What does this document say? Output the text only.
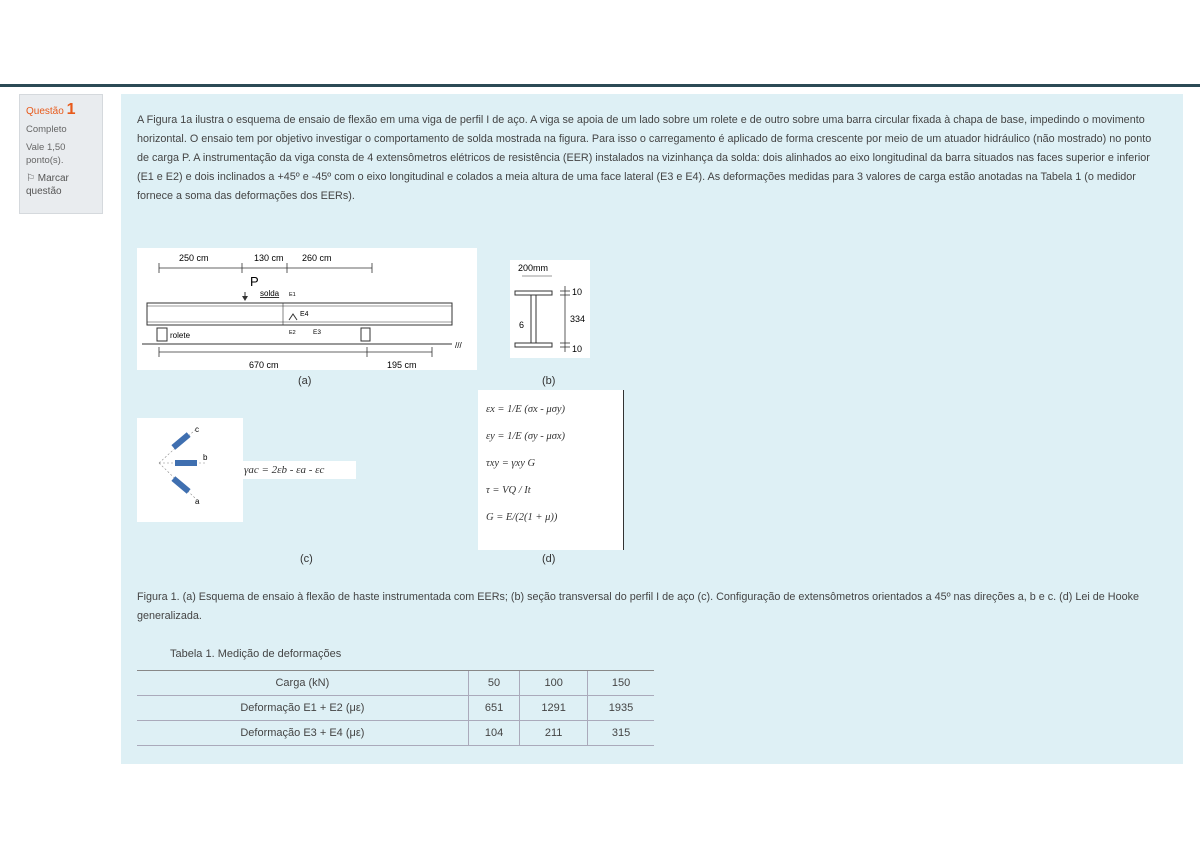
Questão 1
Completo
Vale 1,50 ponto(s).
⚐ Marcar questão

A Figura 1a ilustra o esquema de ensaio de flexão em uma viga de perfil I de aço. A viga se apoia de um lado sobre um rolete e de outro sobre uma barra circular fixada à chapa de base, impedindo o movimento horizontal. O ensaio tem por objetivo investigar o comportamento de solda mostrada na figura. Para isso o carregamento é aplicado de forma crescente por meio de um atuador hidráulico (não mostrado) no ponto de carga P. A instrumentação da viga consta de 4 extensômetros elétricos de resistência (EER) instalados na vizinhança da solda: dois alinhados ao eixo longitudinal da barra situados nas faces superior e inferior (E1 e E2) e dois inclinados a +45º e -45º com o eixo longitudinal e colados a meia altura de uma face lateral (E3 e E4). As deformações medidas para 3 valores de carga estão anotadas na Tabela 1 (o medidor fornece a soma das deformações dos EERs).

250 cm	130 cm 260 cm
P
solda E1
E4
E2	E3
rolete
///
670 cm	195 cm
(a)
200mm
10
334
6
10
(b)
c
b
a
γac = 2εb - εa - εc
(c)
εx = 1/E (σx - μσy)
εy = 1/E (σy - μσx)
τxy = γxy G
τ = VQ / It
G = E/(2(1 + μ))
(d)

Figura 1. (a) Esquema de ensaio à flexão de haste instrumentada com EERs; (b) seção transversal do perfil I de aço (c). Configuração de extensômetros orientados a 45º nas direções a, b e c. (d) Lei de Hooke generalizada.

Tabela 1. Medição de deformações
Carga (kN)	50	100	150
Deformação E1 + E2 (με)	651	1291	1935
Deformação E3 + E4 (με)	104	211	315
